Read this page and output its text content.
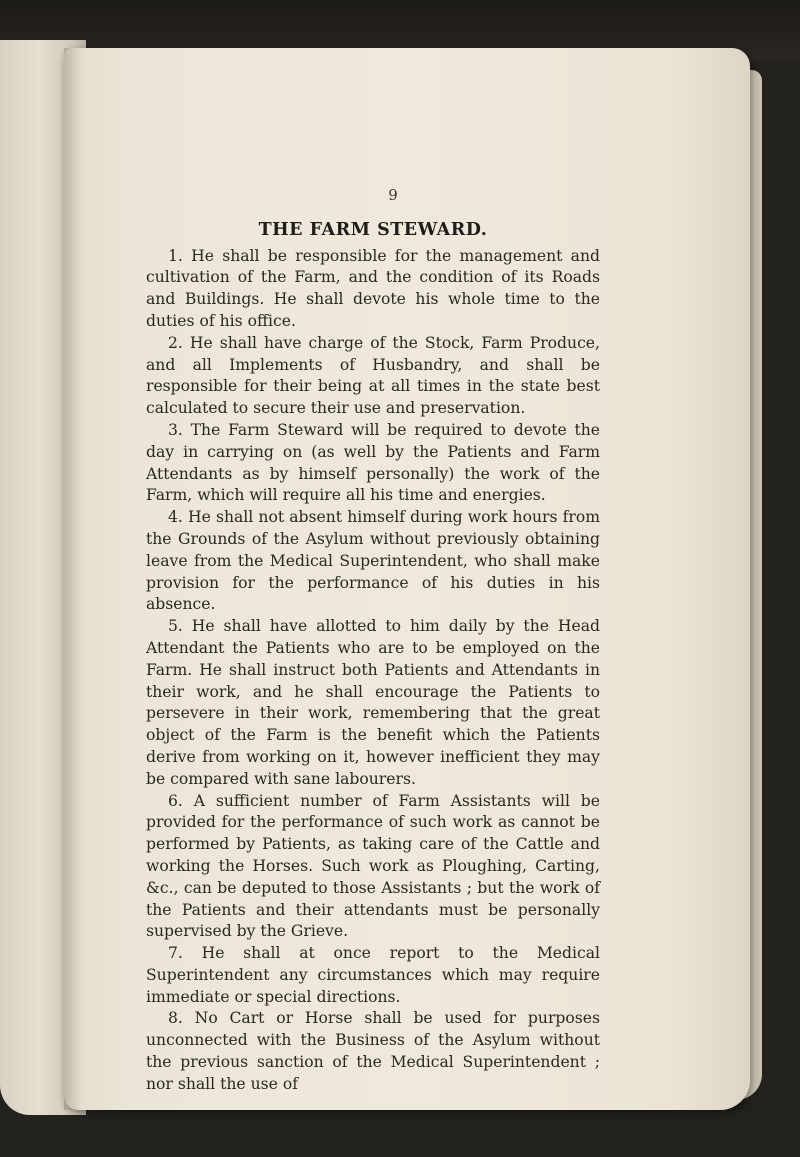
9
THE FARM STEWARD.

1. He shall be responsible for the management and cultivation of the Farm, and the condition of its Roads and Buildings. He shall devote his whole time to the duties of his office.

2. He shall have charge of the Stock, Farm Produce, and all Implements of Husbandry, and shall be responsible for their being at all times in the state best calculated to secure their use and preservation.

3. The Farm Steward will be required to devote the day in carrying on (as well by the Patients and Farm Attendants as by himself personally) the work of the Farm, which will require all his time and energies.

4. He shall not absent himself during work hours from the Grounds of the Asylum without previously obtaining leave from the Medical Superintendent, who shall make provision for the performance of his duties in his absence.

5. He shall have allotted to him daily by the Head Attendant the Patients who are to be employed on the Farm. He shall instruct both Patients and Attendants in their work, and he shall encourage the Patients to persevere in their work, remembering that the great object of the Farm is the benefit which the Patients derive from working on it, however inefficient they may be compared with sane labourers.

6. A sufficient number of Farm Assistants will be provided for the performance of such work as cannot be performed by Patients, as taking care of the Cattle and working the Horses. Such work as Ploughing, Carting, &c., can be deputed to those Assistants ; but the work of the Patients and their attendants must be personally supervised by the Grieve.

7. He shall at once report to the Medical Superintendent any circumstances which may require immediate or special directions.

8. No Cart or Horse shall be used for purposes unconnected with the Business of the Asylum without the previous sanction of the Medical Superintendent ; nor shall the use of
